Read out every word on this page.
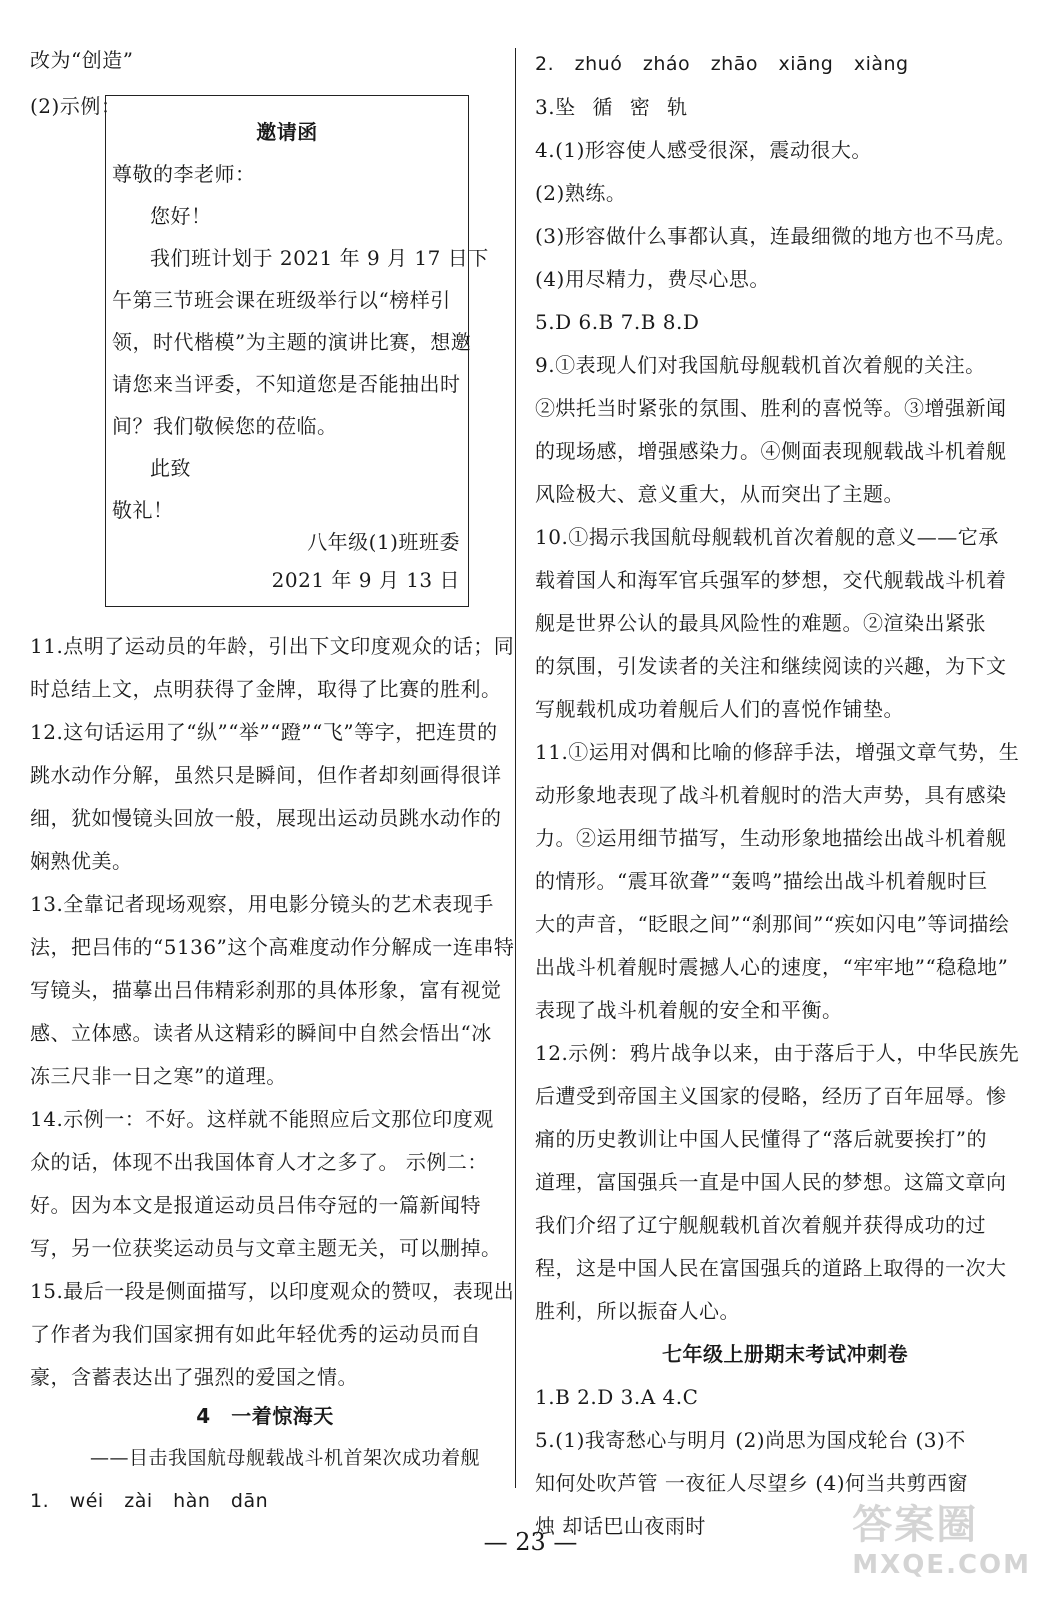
改为“创造”
(2)示例：
邀请函
尊敬的李老师：
您好！
我们班计划于 2021 年 9 月 17 日下
午第三节班会课在班级举行以“榜样引
领，时代楷模”为主题的演讲比赛，想邀
请您来当评委，不知道您是否能抽出时
间？我们敬候您的莅临。
此致
敬礼！
八年级(1)班班委
2021 年 9 月 13 日
11.点明了运动员的年龄，引出下文印度观众的话；同
时总结上文，点明获得了金牌，取得了比赛的胜利。
12.这句话运用了“纵”“举”“蹬”“飞”等字，把连贯的
跳水动作分解，虽然只是瞬间，但作者却刻画得很详
细，犹如慢镜头回放一般，展现出运动员跳水动作的
娴熟优美。
13.全靠记者现场观察，用电影分镜头的艺术表现手
法，把吕伟的“5136”这个高难度动作分解成一连串特
写镜头，描摹出吕伟精彩刹那的具体形象，富有视觉
感、立体感。读者从这精彩的瞬间中自然会悟出“冰
冻三尺非一日之寒”的道理。
14.示例一：不好。这样就不能照应后文那位印度观
众的话，体现不出我国体育人才之多了。 示例二：
好。因为本文是报道运动员吕伟夺冠的一篇新闻特
写，另一位获奖运动员与文章主题无关，可以删掉。
15.最后一段是侧面描写，以印度观众的赞叹，表现出
了作者为我们国家拥有如此年轻优秀的运动员而自
豪，含蓄表达出了强烈的爱国之情。
4　一着惊海天
——目击我国航母舰载战斗机首架次成功着舰
1. wéi zài hàn dān
2. zhuó zháo zhāo xiāng xiàng
3.坠 循 密 轨
4.(1)形容使人感受很深，震动很大。
(2)熟练。
(3)形容做什么事都认真，连最细微的地方也不马虎。
(4)用尽精力，费尽心思。
5.D 6.B 7.B 8.D
9.①表现人们对我国航母舰载机首次着舰的关注。
②烘托当时紧张的氛围、胜利的喜悦等。③增强新闻
的现场感，增强感染力。④侧面表现舰载战斗机着舰
风险极大、意义重大，从而突出了主题。
10.①揭示我国航母舰载机首次着舰的意义——它承
载着国人和海军官兵强军的梦想，交代舰载战斗机着
舰是世界公认的最具风险性的难题。②渲染出紧张
的氛围，引发读者的关注和继续阅读的兴趣，为下文
写舰载机成功着舰后人们的喜悦作铺垫。
11.①运用对偶和比喻的修辞手法，增强文章气势，生
动形象地表现了战斗机着舰时的浩大声势，具有感染
力。②运用细节描写，生动形象地描绘出战斗机着舰
的情形。“震耳欲聋”“轰鸣”描绘出战斗机着舰时巨
大的声音，“眨眼之间”“刹那间”“疾如闪电”等词描绘
出战斗机着舰时震撼人心的速度，“牢牢地”“稳稳地”
表现了战斗机着舰的安全和平衡。
12.示例：鸦片战争以来，由于落后于人，中华民族先
后遭受到帝国主义国家的侵略，经历了百年屈辱。惨
痛的历史教训让中国人民懂得了“落后就要挨打”的
道理，富国强兵一直是中国人民的梦想。这篇文章向
我们介绍了辽宁舰舰载机首次着舰并获得成功的过
程，这是中国人民在富国强兵的道路上取得的一次大
胜利，所以振奋人心。
七年级上册期末考试冲刺卷
1.B 2.D 3.A 4.C
5.(1)我寄愁心与明月 (2)尚思为国戍轮台 (3)不
知何处吹芦管 一夜征人尽望乡 (4)何当共剪西窗
烛 却话巴山夜雨时
— 23 —	答案圈
MXQE.COM
